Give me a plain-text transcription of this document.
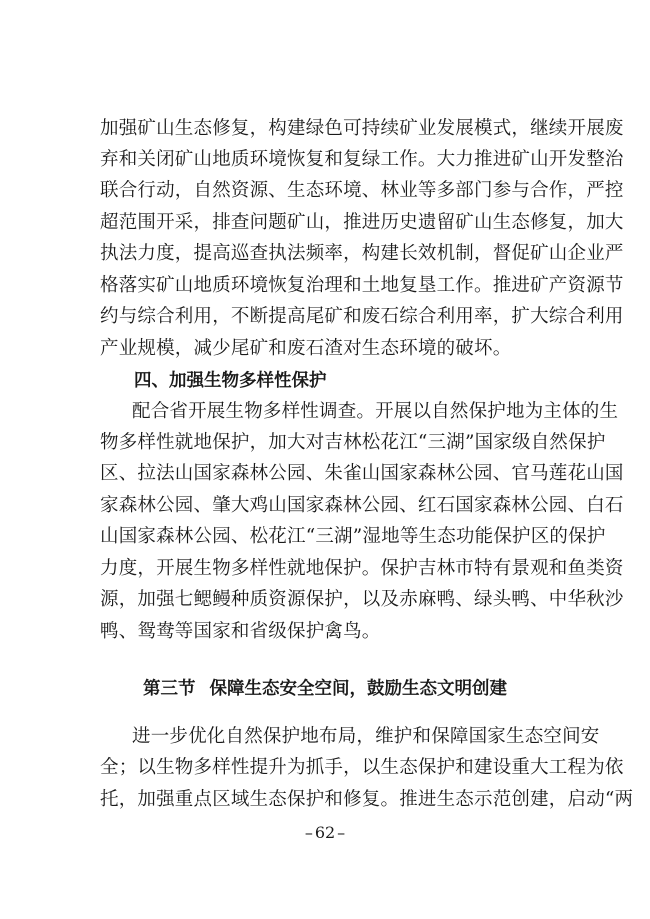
加强矿山生态修复，构建绿色可持续矿业发展模式，继续开展废
弃和关闭矿山地质环境恢复和复绿工作。大力推进矿山开发整治
联合行动，自然资源、生态环境、林业等多部门参与合作，严控
超范围开采，排查问题矿山，推进历史遗留矿山生态修复，加大
执法力度，提高巡查执法频率，构建长效机制，督促矿山企业严
格落实矿山地质环境恢复治理和土地复垦工作。推进矿产资源节
约与综合利用，不断提高尾矿和废石综合利用率，扩大综合利用
产业规模，减少尾矿和废石渣对生态环境的破坏。
四、加强生物多样性保护
配合省开展生物多样性调查。开展以自然保护地为主体的生
物多样性就地保护，加大对吉林松花江“三湖”国家级自然保护
区、拉法山国家森林公园、朱雀山国家森林公园、官马莲花山国
家森林公园、肇大鸡山国家森林公园、红石国家森林公园、白石
山国家森林公园、松花江“三湖”湿地等生态功能保护区的保护
力度，开展生物多样性就地保护。保护吉林市特有景观和鱼类资
源，加强七鳃鳗种质资源保护，以及赤麻鸭、绿头鸭、中华秋沙
鸭、鸳鸯等国家和省级保护禽鸟。
第三节 保障生态安全空间，鼓励生态文明创建
进一步优化自然保护地布局，维护和保障国家生态空间安
全；以生物多样性提升为抓手，以生态保护和建设重大工程为依
托，加强重点区域生态保护和修复。推进生态示范创建，启动“两
– 62 –
